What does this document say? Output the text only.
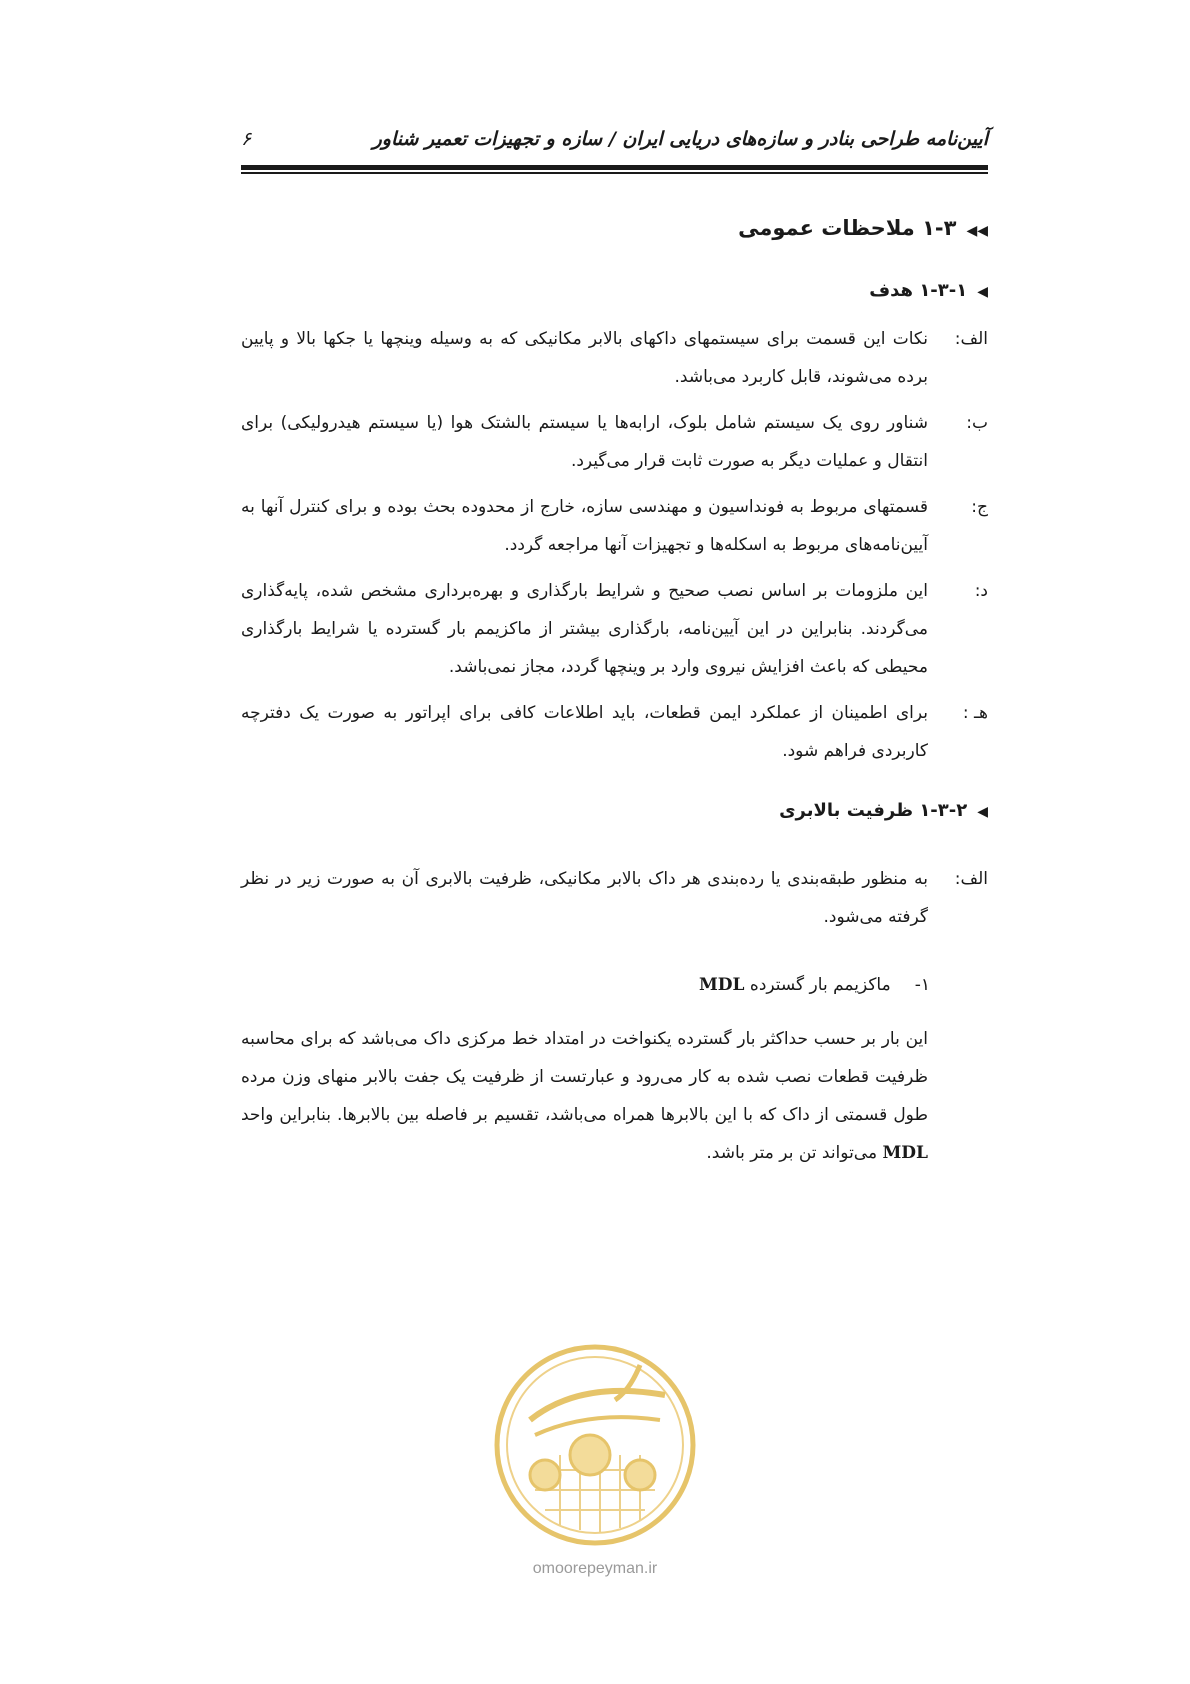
آیین‌نامه طراحی بنادر و سازه‌های دریایی ایران / سازه و تجهیزات تعمیر شناور
۶
◀◀۱-۳ ملاحظات عمومی
◀۱-۳-۱ هدف
الف:
نکات این قسمت برای سیستمهای داکهای بالابر مکانیکی که به وسیله وینچها یا جکها بالا و پایین برده می‌شوند، قابل کاربرد می‌باشد.
ب:
شناور روی یک سیستم شامل بلوک، ارابه‌ها یا سیستم بالشتک هوا (یا سیستم هیدرولیکی) برای انتقال و عملیات دیگر به صورت ثابت قرار می‌گیرد.
ج:
قسمتهای مربوط به فونداسیون و مهندسی سازه، خارج از محدوده بحث بوده و برای کنترل آنها به آیین‌نامه‌های مربوط به اسکله‌ها و تجهیزات آنها مراجعه گردد.
د:
این ملزومات بر اساس نصب صحیح و شرایط بارگذاری و بهره‌برداری مشخص شده، پایه‌گذاری می‌گردند. بنابراین در این آیین‌نامه، بارگذاری بیشتر از ماکزیمم بار گسترده یا شرایط بارگذاری محیطی که باعث افزایش نیروی وارد بر وینچها گردد، مجاز نمی‌باشد.
هـ :
برای اطمینان از عملکرد ایمن قطعات، باید اطلاعات کافی برای اپراتور به صورت یک دفترچه کاربردی فراهم شود.
◀۱-۳-۲ ظرفیت بالابری
الف:
به منظور طبقه‌بندی یا رده‌بندی هر داک بالابر مکانیکی، ظرفیت بالابری آن به صورت زیر در نظر گرفته می‌شود.
۱-ماکزیمم بار گسترده MDL
این بار بر حسب حداکثر بار گسترده یکنواخت در امتداد خط مرکزی داک می‌باشد که برای محاسبه ظرفیت قطعات نصب شده به کار می‌رود و عبارتست از ظرفیت یک جفت بالابر منهای وزن مرده طول قسمتی از داک که با این بالابرها همراه می‌باشد، تقسیم بر فاصله بین بالابرها. بنابراین واحد MDL می‌تواند تن بر متر باشد.
omoorepeyman.ir
